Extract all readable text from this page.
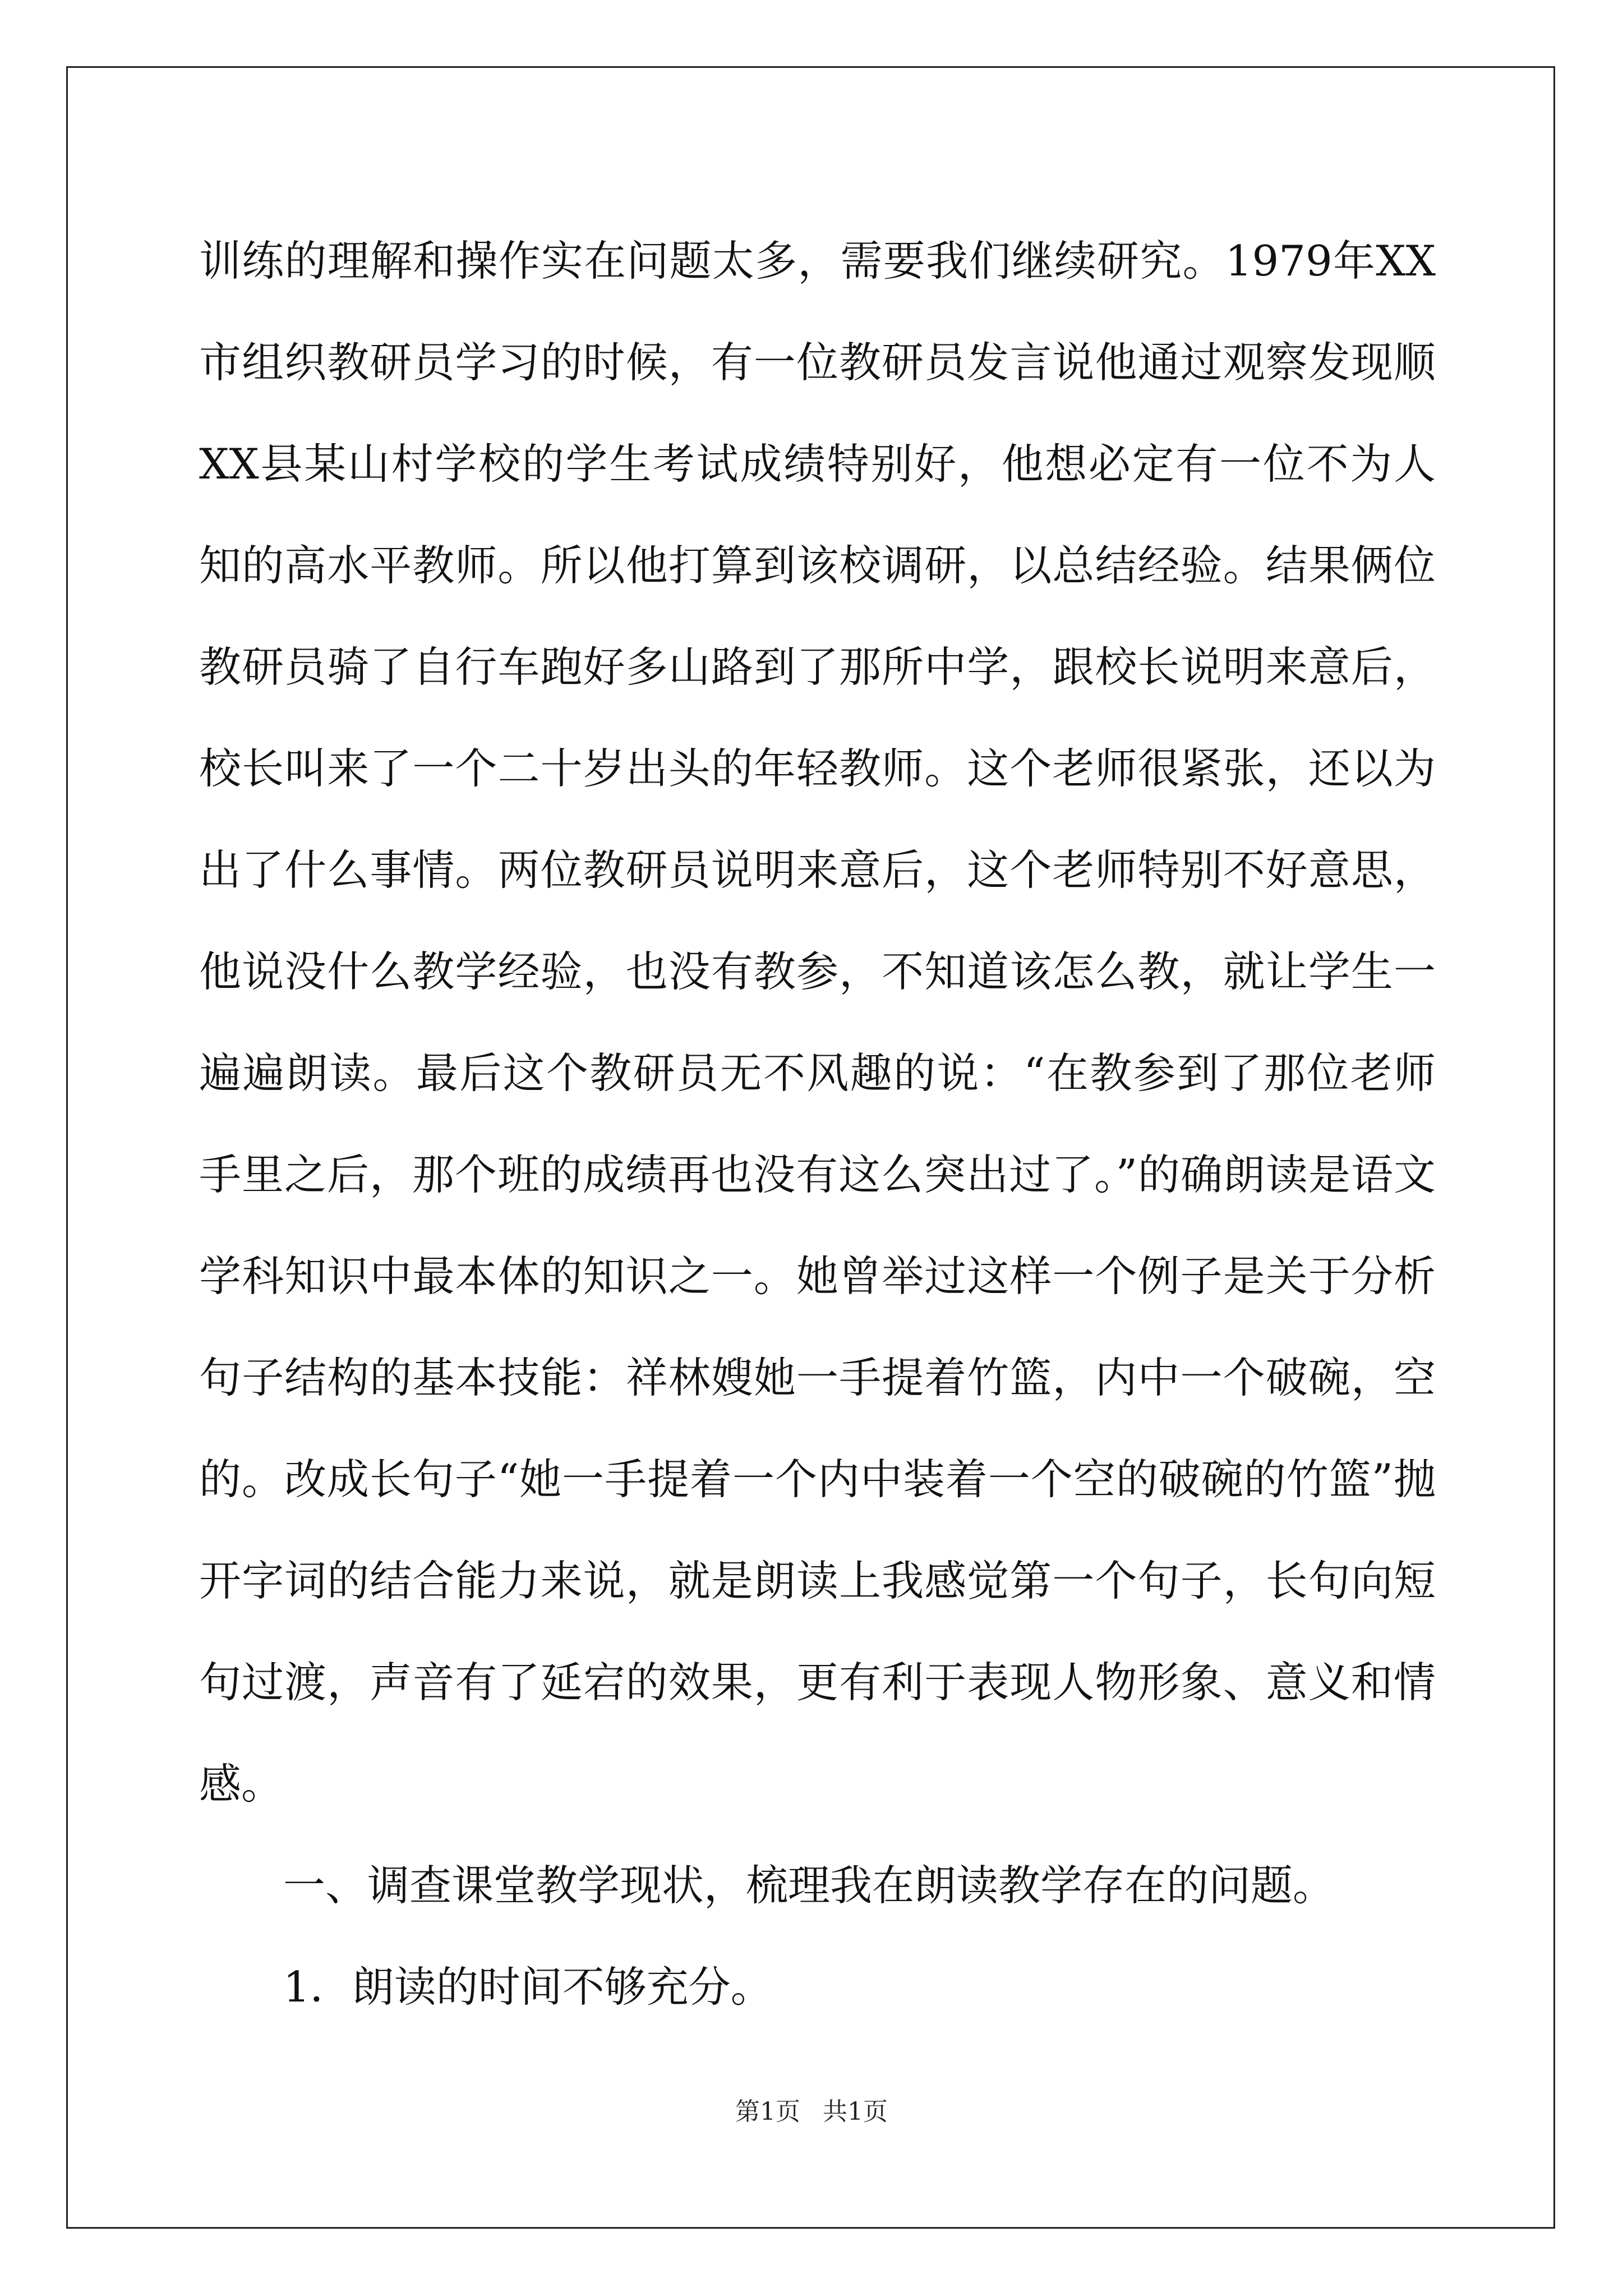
训练的理解和操作实在问题太多，需要我们继续研究。1979年XX市组织教研员学习的时候，有一位教研员发言说他通过观察发现顺XX县某山村学校的学生考试成绩特别好，他想必定有一位不为人知的高水平教师。所以他打算到该校调研，以总结经验。结果俩位教研员骑了自行车跑好多山路到了那所中学，跟校长说明来意后，校长叫来了一个二十岁出头的年轻教师。这个老师很紧张，还以为出了什么事情。两位教研员说明来意后，这个老师特别不好意思，他说没什么教学经验，也没有教参，不知道该怎么教，就让学生一遍遍朗读。最后这个教研员无不风趣的说：“在教参到了那位老师手里之后，那个班的成绩再也没有这么突出过了。”的确朗读是语文学科知识中最本体的知识之一。她曾举过这样一个例子是关于分析句子结构的基本技能：祥林嫂她一手提着竹篮，内中一个破碗，空的。改成长句子“她一手提着一个内中装着一个空的破碗的竹篮”抛开字词的结合能力来说，就是朗读上我感觉第一个句子，长句向短句过渡，声音有了延宕的效果，更有利于表现人物形象、意义和情感。

一、调查课堂教学现状，梳理我在朗读教学存在的问题。

1．朗读的时间不够充分。

第1页 共1页
